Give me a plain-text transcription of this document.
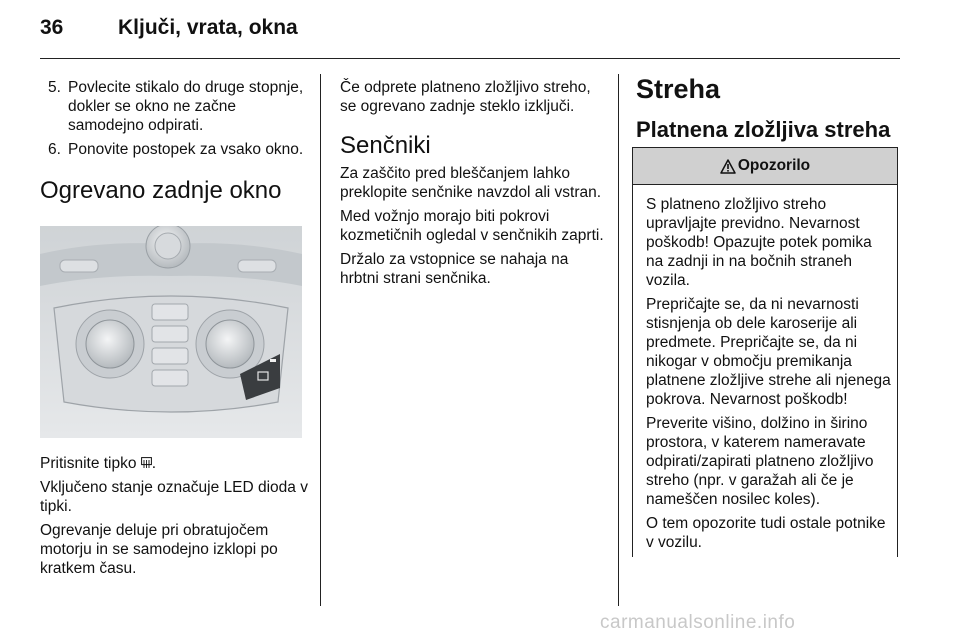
36	Ključi, vrata, okna
5. Povlecite stikalo do druge stopnje, dokler se okno ne začne samodejno odpirati.
6. Ponovite postopek za vsako okno.
Ogrevano zadnje okno

Pritisnite tipko .

Vključeno stanje označuje LED dioda v tipki.

Ogrevanje deluje pri obratujočem motorju in se samodejno izklopi po kratkem času.

Če odprete platneno zložljivo streho, se ogrevano zadnje steklo izključi.

Senčniki

Za zaščito pred bleščanjem lahko preklopite senčnike navzdol ali vstran.

Med vožnjo morajo biti pokrovi kozmetičnih ogledal v senčnikih zaprti.

Držalo za vstopnice se nahaja na hrbtni strani senčnika.

Streha
Platnena zložljiva streha
Opozorilo

S platneno zložljivo streho upravljajte previdno. Nevarnost poškodb! Opazujte potek pomika na zadnji in na bočnih straneh vozila.

Prepričajte se, da ni nevarnosti stisnjenja ob dele karoserije ali predmete. Prepričajte se, da ni nikogar v območju premikanja platnene zložljive strehe ali njenega pokrova. Nevarnost poškodb!

Preverite višino, dolžino in širino prostora, v katerem nameravate odpirati/zapirati platneno zložljivo streho (npr. v garažah ali če je nameščen nosilec koles).

O tem opozorite tudi ostale potnike v vozilu.

carmanualsonline.info
